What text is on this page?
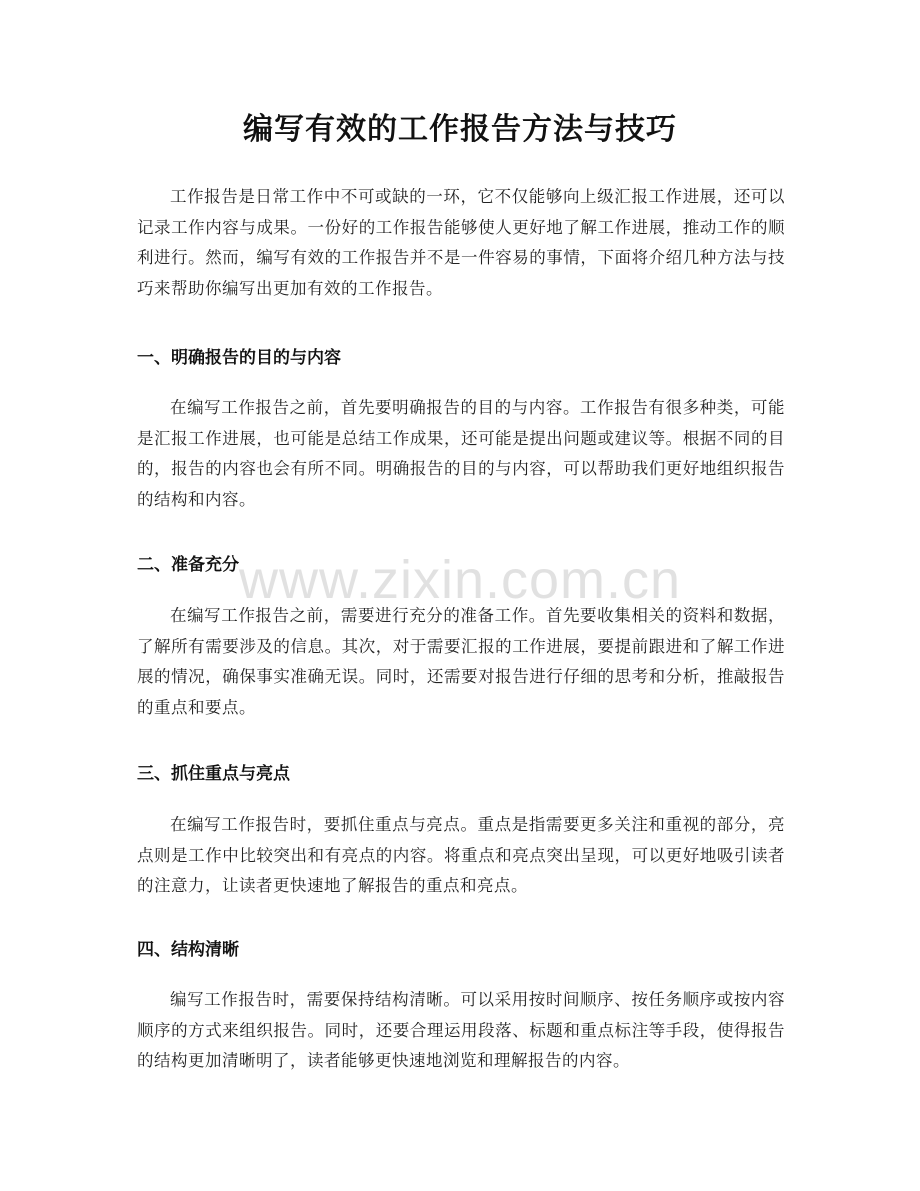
编写有效的工作报告方法与技巧

工作报告是日常工作中不可或缺的一环，它不仅能够向上级汇报工作进展，还可以记录工作内容与成果。一份好的工作报告能够使人更好地了解工作进展，推动工作的顺利进行。然而，编写有效的工作报告并不是一件容易的事情，下面将介绍几种方法与技巧来帮助你编写出更加有效的工作报告。

一、明确报告的目的与内容

在编写工作报告之前，首先要明确报告的目的与内容。工作报告有很多种类，可能是汇报工作进展，也可能是总结工作成果，还可能是提出问题或建议等。根据不同的目的，报告的内容也会有所不同。明确报告的目的与内容，可以帮助我们更好地组织报告的结构和内容。

二、准备充分

在编写工作报告之前，需要进行充分的准备工作。首先要收集相关的资料和数据，了解所有需要涉及的信息。其次，对于需要汇报的工作进展，要提前跟进和了解工作进展的情况，确保事实准确无误。同时，还需要对报告进行仔细的思考和分析，推敲报告的重点和要点。

三、抓住重点与亮点

在编写工作报告时，要抓住重点与亮点。重点是指需要更多关注和重视的部分，亮点则是工作中比较突出和有亮点的内容。将重点和亮点突出呈现，可以更好地吸引读者的注意力，让读者更快速地了解报告的重点和亮点。

四、结构清晰

编写工作报告时，需要保持结构清晰。可以采用按时间顺序、按任务顺序或按内容顺序的方式来组织报告。同时，还要合理运用段落、标题和重点标注等手段，使得报告的结构更加清晰明了，读者能够更快速地浏览和理解报告的内容。

www.zixin.com.cn
